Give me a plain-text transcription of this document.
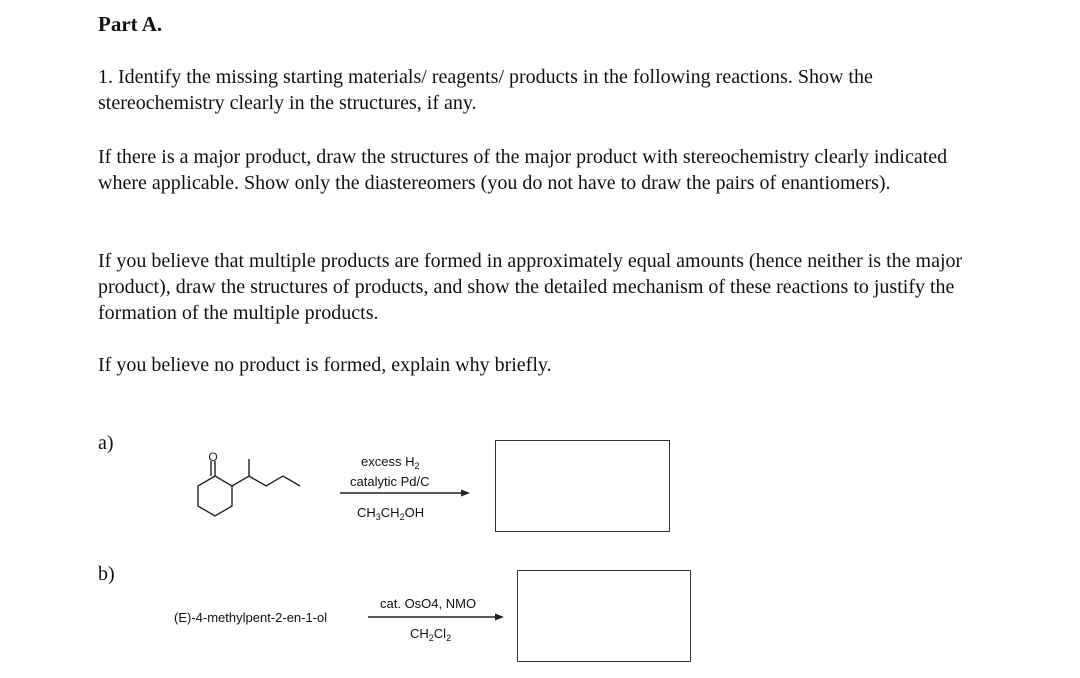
Part A.

1. Identify the missing starting materials/ reagents/ products in the following reactions. Show the stereochemistry clearly in the structures, if any.

If there is a major product, draw the structures of the major product with stereochemistry clearly indicated where applicable. Show only the diastereomers (you do not have to draw the pairs of enantiomers).

If you believe that multiple products are formed in approximately equal amounts (hence neither is the major product), draw the structures of products, and show the detailed mechanism of these reactions to justify the formation of the multiple products.

If you believe no product is formed, explain why briefly.

a)

O	excess $H_2$
catalytic Pd/C
$CH_3CH_2OH$

b)

(E)-4-methylpent-2-en-1-ol
cat. OsO4, NMO
$CH_2Cl_2$
